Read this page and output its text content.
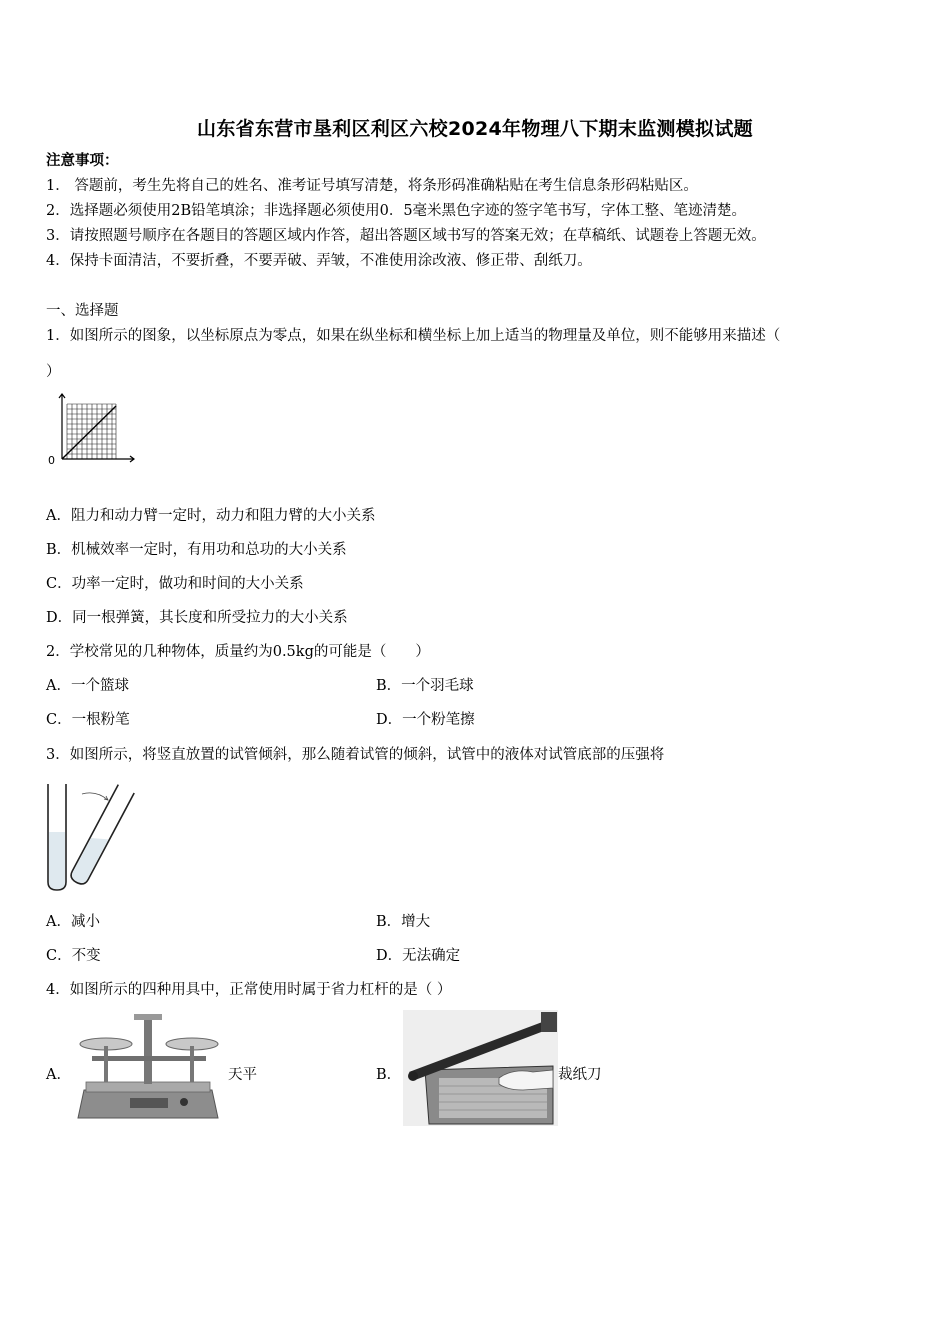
山东省东营市垦利区利区六校2024年物理八下期末监测模拟试题
注意事项：
1． 答题前，考生先将自己的姓名、准考证号填写清楚，将条形码准确粘贴在考生信息条形码粘贴区。
2．选择题必须使用2B铅笔填涂；非选择题必须使用0．5毫米黑色字迹的签字笔书写，字体工整、笔迹清楚。
3．请按照题号顺序在各题目的答题区域内作答，超出答题区域书写的答案无效；在草稿纸、试题卷上答题无效。
4．保持卡面清洁，不要折叠，不要弄破、弄皱，不准使用涂改液、修正带、刮纸刀。
一、选择题
1．如图所示的图象，以坐标原点为零点，如果在纵坐标和横坐标上加上适当的物理量及单位，则不能够用来描述（
）
0
A．阻力和动力臂一定时，动力和阻力臂的大小关系
B．机械效率一定时，有用功和总功的大小关系
C．功率一定时，做功和时间的大小关系
D．同一根弹簧，其长度和所受拉力的大小关系
2．学校常见的几种物体，质量约为0.5kg的可能是（　　）
A．一个篮球	B．一个羽毛球
C．一根粉笔	D．一个粉笔擦
3．如图所示，将竖直放置的试管倾斜，那么随着试管的倾斜，试管中的液体对试管底部的压强将
A．减小	B．增大
C．不变	D．无法确定
4．如图所示的四种用具中，正常使用时属于省力杠杆的是（ ）
A．	天平	B．	裁纸刀
